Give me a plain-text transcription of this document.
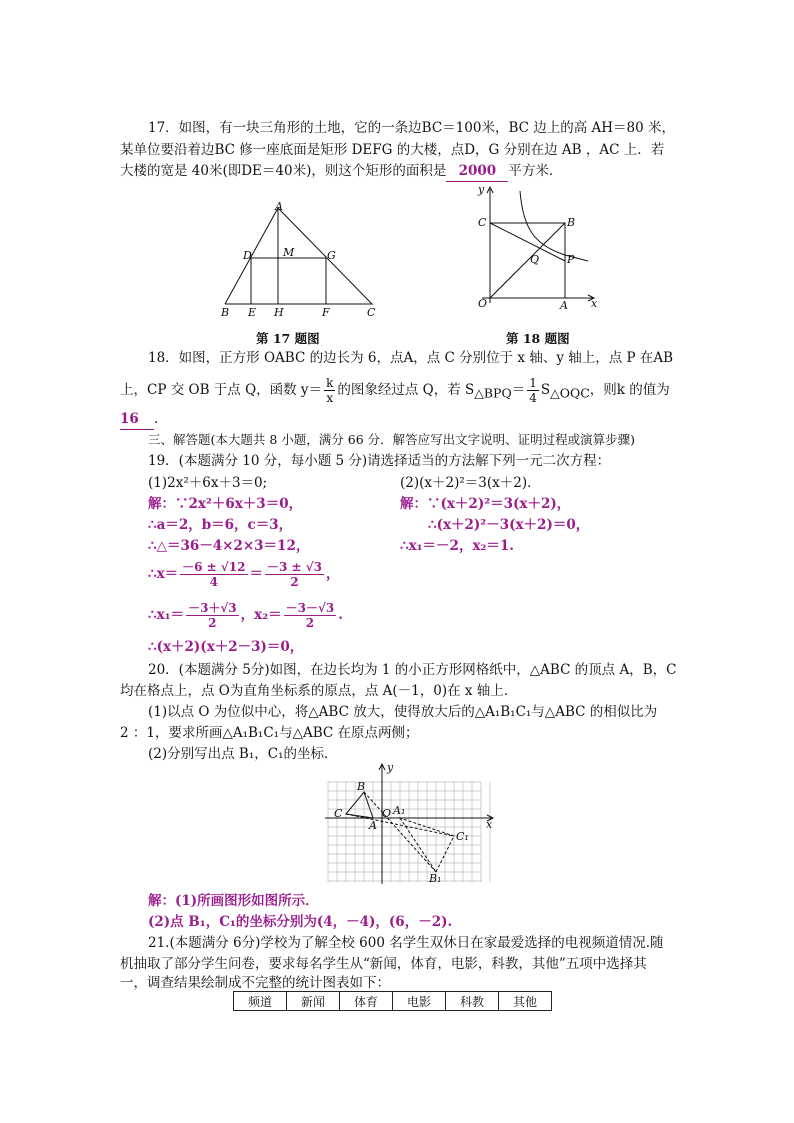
17．如图，有一块三角形的土地，它的一条边BC＝100米，BC 边上的高 AH＝80 米，
某单位要沿着边BC 修一座底面是矩形 DEFG 的大楼，点D，G 分别在边 AB ，AC 上．若
大楼的宽是 40米(即DE＝40米)，则这个矩形的面积是 2000 平方米．
A
D	M	G
B E H	F	C
第 17 题图
y
x
O	A
B
C
Q	P
第 18 题图
18．如图，正方形 OABC 的边长为 6，点A，点 C 分别位于 x 轴、y 轴上，点 P 在AB
上，CP 交 OB 于点 Q，函数 $y= \frac{k}{x}$ 的图象经过点 Q，若 $S_{\triangle BPQ}= \frac{1}{4} S_{\triangle OQC}$，则k 的值为
16 .
三、解答题(本大题共 8 小题，满分 66 分．解答应写出文字说明、证明过程或演算步骤)
19．(本题满分 10 分，每小题 5 分)请选择适当的方法解下列一元二次方程：
(1)2x²＋6x＋3＝0;	(2)(x＋2)²＝3(x＋2)．
解：∵2x²＋6x＋3＝0，
∴a＝2，b＝6，c＝3，
∴△＝36－4×2×3＝12，
∴x＝ $\frac{-6 \pm √12}{4} = \frac{-3 \pm √3}{2}$ ，
∴x₁＝ $\frac{-3+√3}{2}$ ，$x_2= \frac{-3-√3}{2}$ .
解：∵(x＋2)²＝3(x＋2)，
∴(x＋2)²－3(x＋2)＝0，
∴x₁＝－2，x₂＝1.
∴(x＋2)(x＋2－3)＝0，
20．(本题满分 5分)如图，在边长均为 1 的小正方形网格纸中，△ABC 的顶点 A，B，C
均在格点上，点 O为直角坐标系的原点，点 A(－1，0)在 x 轴上．
(1)以点 O 为位似中心，将△ABC 放大，使得放大后的△A₁B₁C₁与△ABC 的相似比为
2 ：1，要求所画△A₁B₁C₁与△ABC 在原点两侧；
(2)分别写出点 B₁，C₁的坐标．
y
x
O
A
B
C	A₁
B₁
C₁
解：(1)所画图形如图所示．
(2)点 B₁，C₁的坐标分别为(4，－4)，(6，－2).
21.(本题满分 6分)学校为了解全校 600 名学生双休日在家最爱选择的电视频道情况.随
机抽取了部分学生问卷，要求每名学生从“新闻，体育，电影，科教，其他”五项中选择其
一，调查结果绘制成不完整的统计图表如下：
频道	新闻	体育	电影	科教	其他
